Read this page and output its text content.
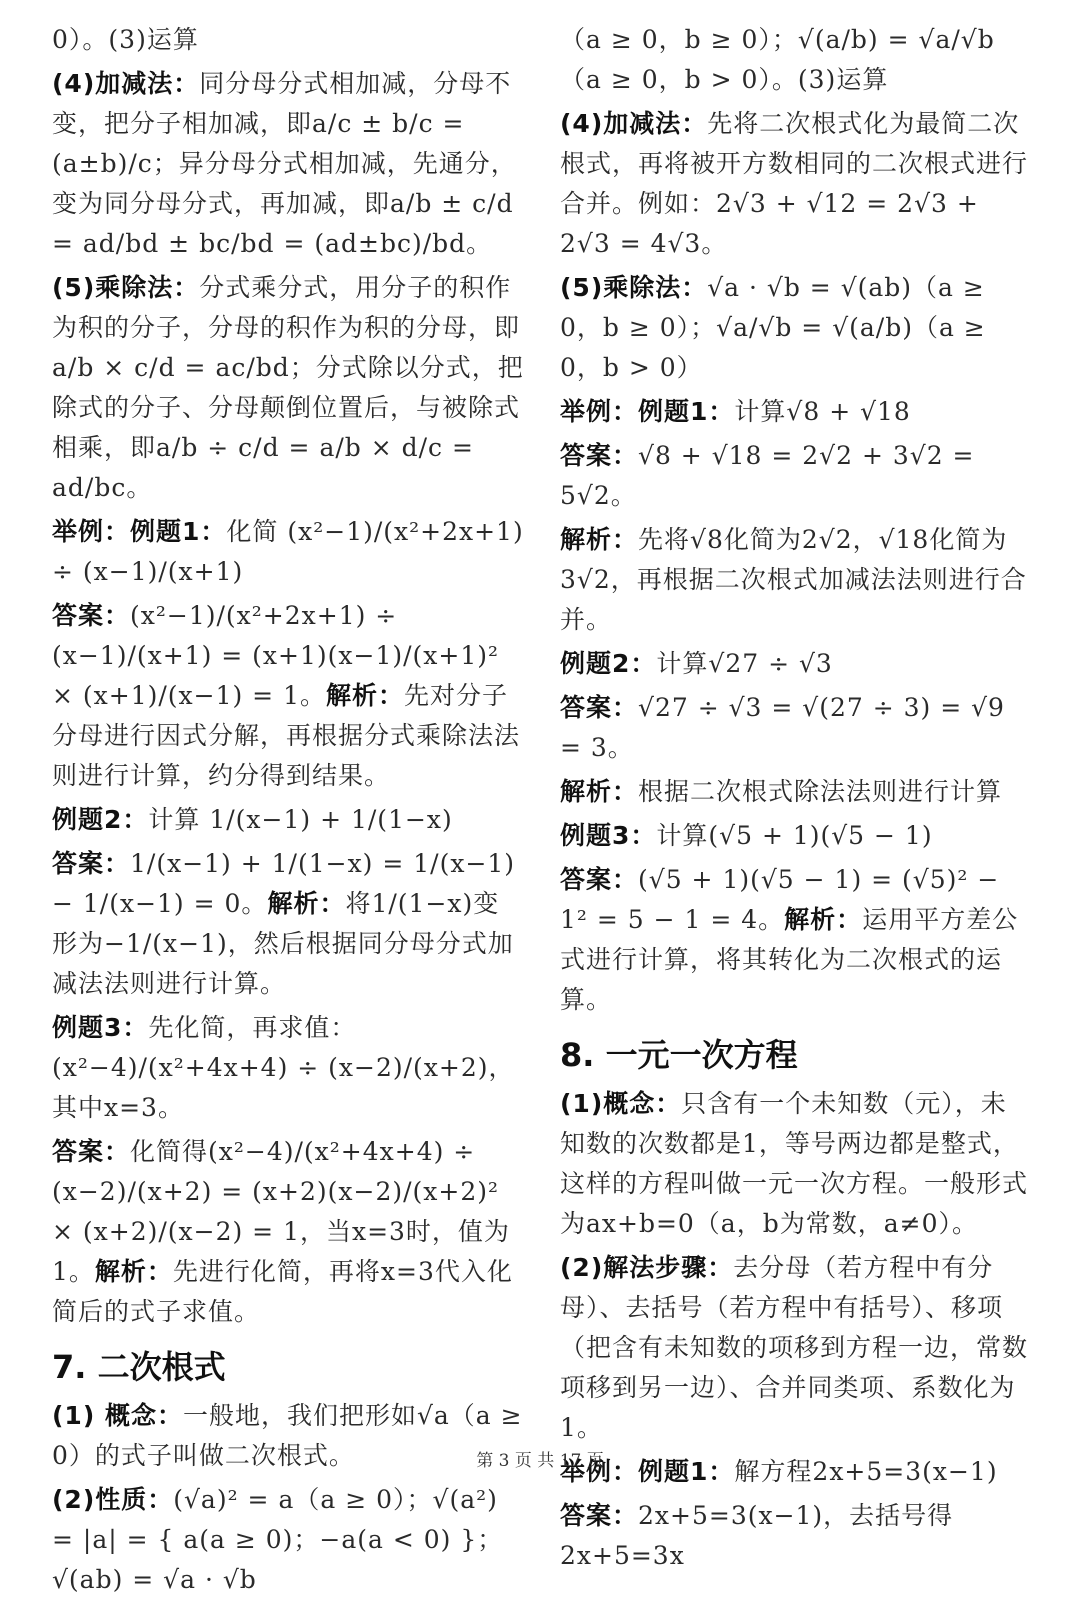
0）。(3)运算

(4)加减法：同分母分式相加减，分母不变，把分子相加减，即a/c ± b/c = (a±b)/c；异分母分式相加减，先通分，变为同分母分式，再加减，即a/b ± c/d = ad/bd ± bc/bd = (ad±bc)/bd。

(5)乘除法：分式乘分式，用分子的积作为积的分子，分母的积作为积的分母，即a/b × c/d = ac/bd；分式除以分式，把除式的分子、分母颠倒位置后，与被除式相乘，即a/b ÷ c/d = a/b × d/c = ad/bc。

举例：例题1：化简 (x²−1)/(x²+2x+1) ÷ (x−1)/(x+1)

答案：(x²−1)/(x²+2x+1) ÷ (x−1)/(x+1) = (x+1)(x−1)/(x+1)² × (x+1)/(x−1) = 1。解析：先对分子分母进行因式分解，再根据分式乘除法法则进行计算，约分得到结果。

例题2：计算 1/(x−1) + 1/(1−x)

答案：1/(x−1) + 1/(1−x) = 1/(x−1) − 1/(x−1) = 0。解析：将1/(1−x)变形为−1/(x−1)，然后根据同分母分式加减法法则进行计算。

例题3：先化简，再求值：(x²−4)/(x²+4x+4) ÷ (x−2)/(x+2)，其中x=3。

答案：化简得(x²−4)/(x²+4x+4) ÷ (x−2)/(x+2) = (x+2)(x−2)/(x+2)² × (x+2)/(x−2) = 1，当x=3时，值为1。解析：先进行化简，再将x=3代入化简后的式子求值。

7. 二次根式

(1) 概念：一般地，我们把形如√a（a ≥ 0）的式子叫做二次根式。

(2)性质：(√a)² = a（a ≥ 0）；√(a²) = |a| = { a(a ≥ 0)；−a(a < 0) }；√(ab) = √a · √b

（a ≥ 0，b ≥ 0）；√(a/b) = √a/√b（a ≥ 0，b > 0）。(3)运算

(4)加减法：先将二次根式化为最简二次根式，再将被开方数相同的二次根式进行合并。例如：2√3 + √12 = 2√3 + 2√3 = 4√3。

(5)乘除法：√a · √b = √(ab)（a ≥ 0，b ≥ 0）；√a/√b = √(a/b)（a ≥ 0，b > 0）

举例：例题1：计算√8 + √18

答案：√8 + √18 = 2√2 + 3√2 = 5√2。

解析：先将√8化简为2√2，√18化简为3√2，再根据二次根式加减法法则进行合并。

例题2：计算√27 ÷ √3

答案：√27 ÷ √3 = √(27 ÷ 3) = √9 = 3。

解析：根据二次根式除法法则进行计算

例题3：计算(√5 + 1)(√5 − 1)

答案：(√5 + 1)(√5 − 1) = (√5)² − 1² = 5 − 1 = 4。解析：运用平方差公式进行计算，将其转化为二次根式的运算。

8. 一元一次方程

(1)概念：只含有一个未知数（元），未知数的次数都是1，等号两边都是整式，这样的方程叫做一元一次方程。一般形式为ax+b=0（a，b为常数，a≠0）。

(2)解法步骤：去分母（若方程中有分母）、去括号（若方程中有括号）、移项（把含有未知数的项移到方程一边，常数项移到另一边）、合并同类项、系数化为1。

举例：例题1：解方程2x+5=3(x−1)

答案：2x+5=3(x−1)，去括号得2x+5=3x

第 3 页 共 17 页
